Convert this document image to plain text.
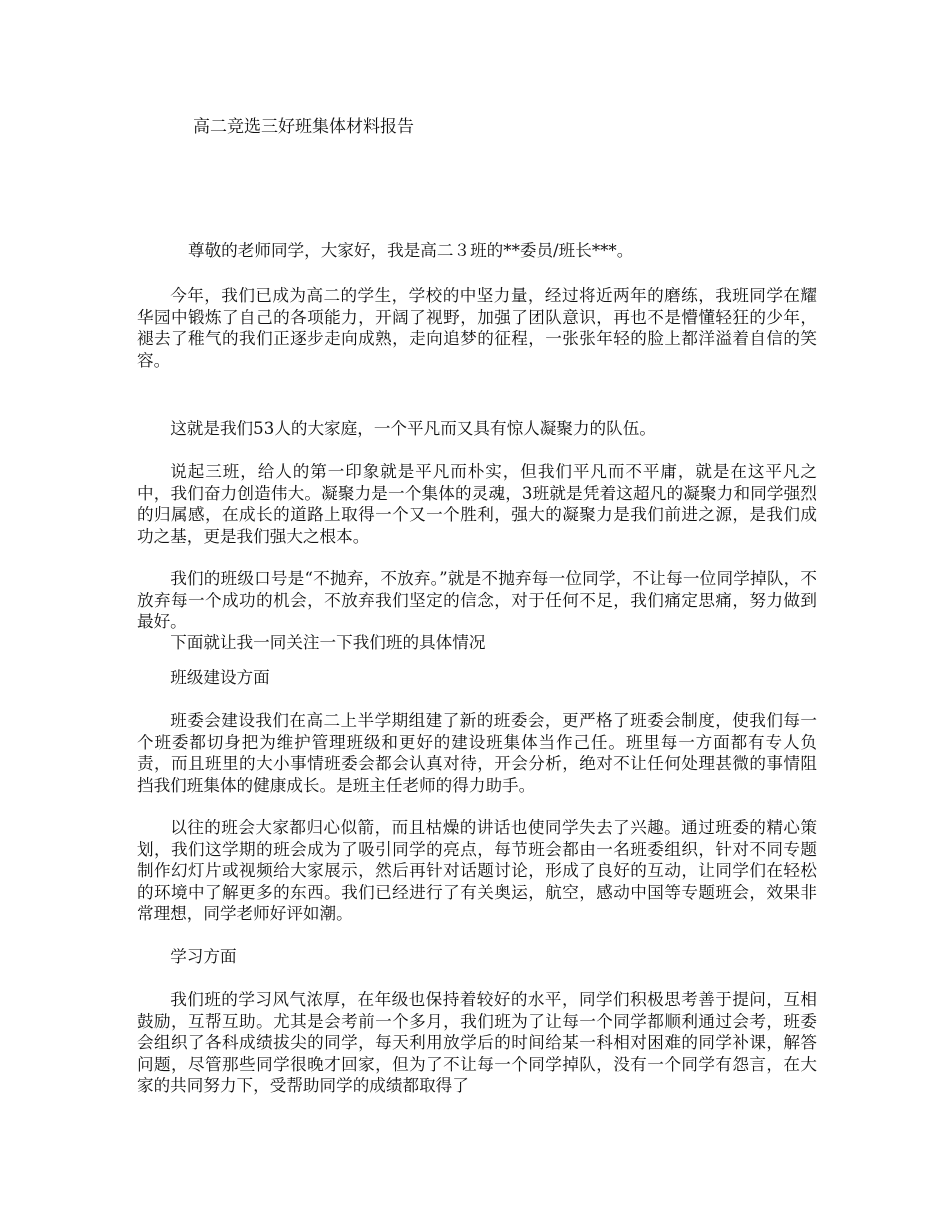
高二竞选三好班集体材料报告

尊敬的老师同学，大家好，我是高二３班的**委员/班长***。

今年，我们已成为高二的学生，学校的中坚力量，经过将近两年的磨练，我班同学在耀华园中锻炼了自己的各项能力，开阔了视野，加强了团队意识，再也不是懵懂轻狂的少年，褪去了稚气的我们正逐步走向成熟，走向追梦的征程，一张张年轻的脸上都洋溢着自信的笑容。

这就是我们53人的大家庭，一个平凡而又具有惊人凝聚力的队伍。

说起三班，给人的第一印象就是平凡而朴实，但我们平凡而不平庸，就是在这平凡之中，我们奋力创造伟大。凝聚力是一个集体的灵魂，3班就是凭着这超凡的凝聚力和同学强烈的归属感，在成长的道路上取得一个又一个胜利，强大的凝聚力是我们前进之源，是我们成功之基，更是我们强大之根本。

我们的班级口号是“不抛弃，不放弃。”就是不抛弃每一位同学，不让每一位同学掉队，不放弃每一个成功的机会，不放弃我们坚定的信念，对于任何不足，我们痛定思痛，努力做到最好。

下面就让我一同关注一下我们班的具体情况

班级建设方面

班委会建设我们在高二上半学期组建了新的班委会，更严格了班委会制度，使我们每一个班委都切身把为维护管理班级和更好的建设班集体当作己任。班里每一方面都有专人负责，而且班里的大小事情班委会都会认真对待，开会分析，绝对不让任何处理甚微的事情阻挡我们班集体的健康成长。是班主任老师的得力助手。

以往的班会大家都归心似箭，而且枯燥的讲话也使同学失去了兴趣。通过班委的精心策划，我们这学期的班会成为了吸引同学的亮点，每节班会都由一名班委组织，针对不同专题制作幻灯片或视频给大家展示，然后再针对话题讨论，形成了良好的互动，让同学们在轻松的环境中了解更多的东西。我们已经进行了有关奥运，航空，感动中国等专题班会，效果非常理想，同学老师好评如潮。

学习方面

我们班的学习风气浓厚，在年级也保持着较好的水平，同学们积极思考善于提问，互相鼓励，互帮互助。尤其是会考前一个多月，我们班为了让每一个同学都顺利通过会考，班委会组织了各科成绩拔尖的同学，每天利用放学后的时间给某一科相对困难的同学补课，解答问题，尽管那些同学很晚才回家，但为了不让每一个同学掉队，没有一个同学有怨言，在大家的共同努力下，受帮助同学的成绩都取得了
